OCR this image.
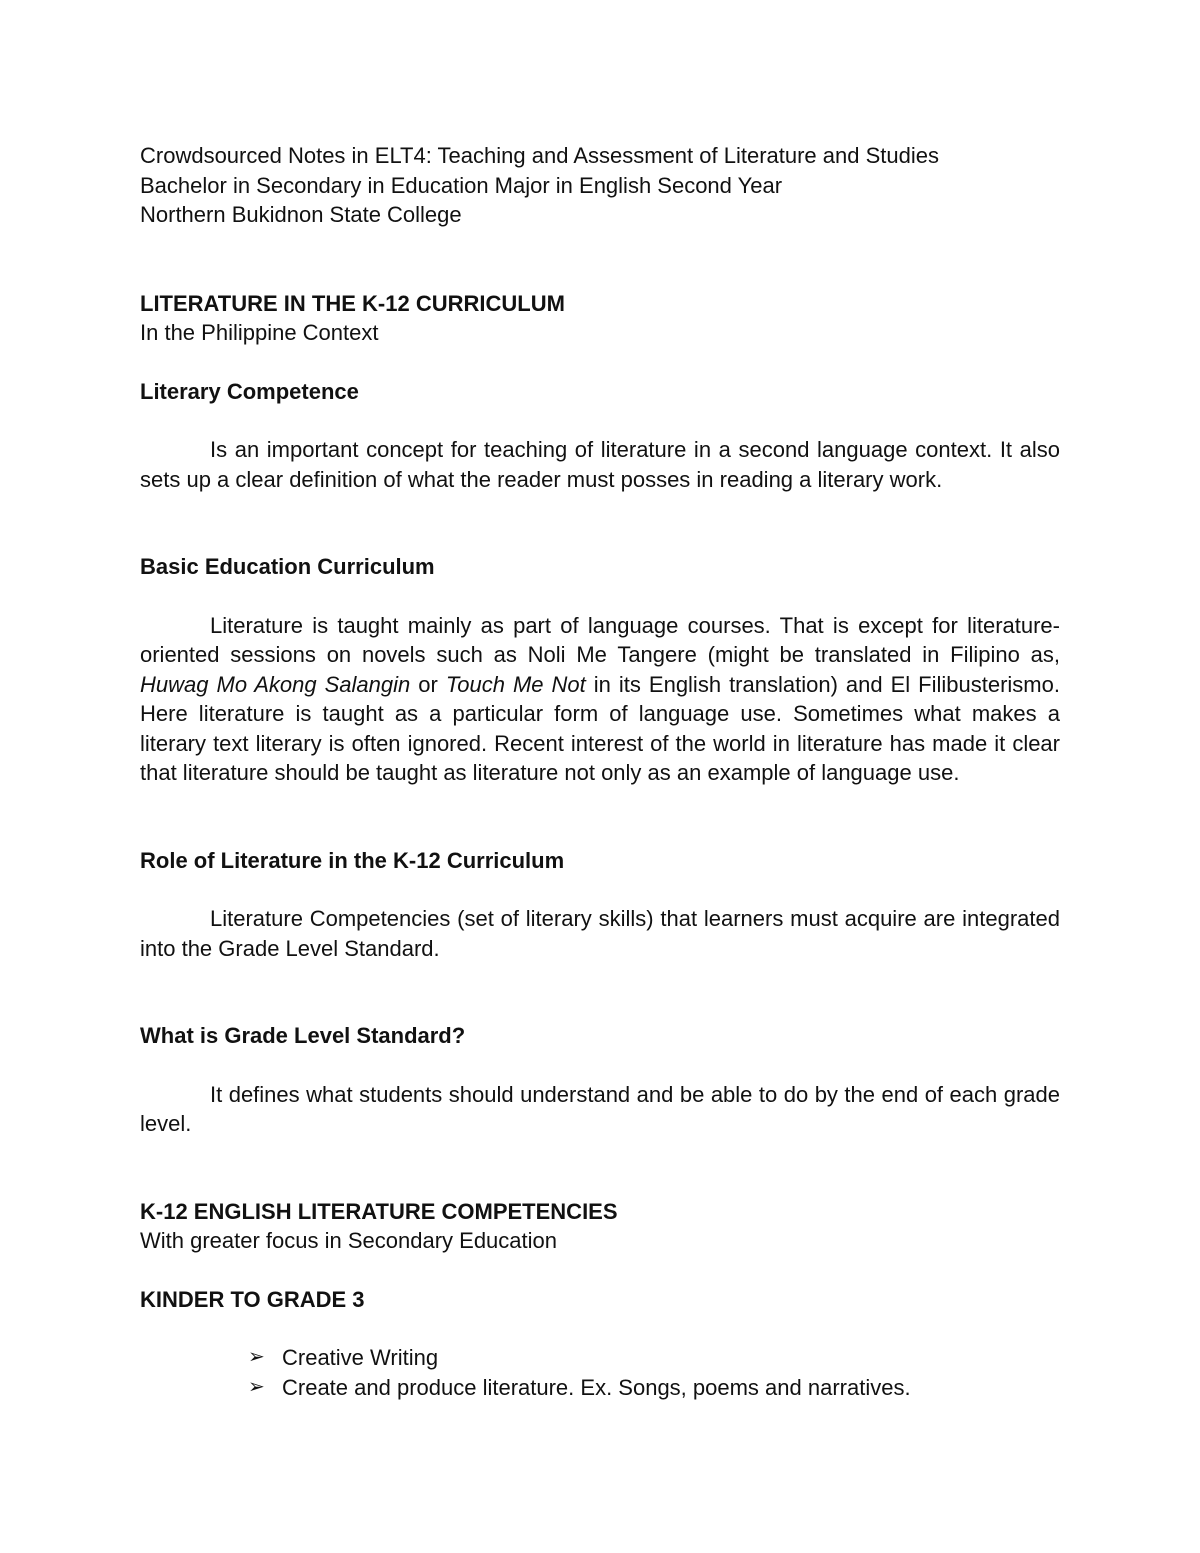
Crowdsourced Notes in ELT4: Teaching and Assessment of Literature and Studies
Bachelor in Secondary in Education Major in English Second Year
Northern Bukidnon State College

LITERATURE IN THE K-12 CURRICULUM

In the Philippine Context

Literary Competence

Is an important concept for teaching of literature in a second language context. It also sets up a clear definition of what the reader must posses in reading a literary work.

Basic Education Curriculum

Literature is taught mainly as part of language courses. That is except for literature-oriented sessions on novels such as Noli Me Tangere (might be translated in Filipino as, Huwag Mo Akong Salangin or Touch Me Not in its English translation) and El Filibusterismo. Here literature is taught as a particular form of language use. Sometimes what makes a literary text literary is often ignored. Recent interest of the world in literature has made it clear that literature should be taught as literature not only as an example of language use.

Role of Literature in the K-12 Curriculum

Literature Competencies (set of literary skills) that learners must acquire are integrated into the Grade Level Standard.

What is Grade Level Standard?

It defines what students should understand and be able to do by the end of each grade level.

K-12 ENGLISH LITERATURE COMPETENCIES

With greater focus in Secondary Education

KINDER TO GRADE 3

➢ Creative Writing
➢ Create and produce literature. Ex. Songs, poems and narratives.
